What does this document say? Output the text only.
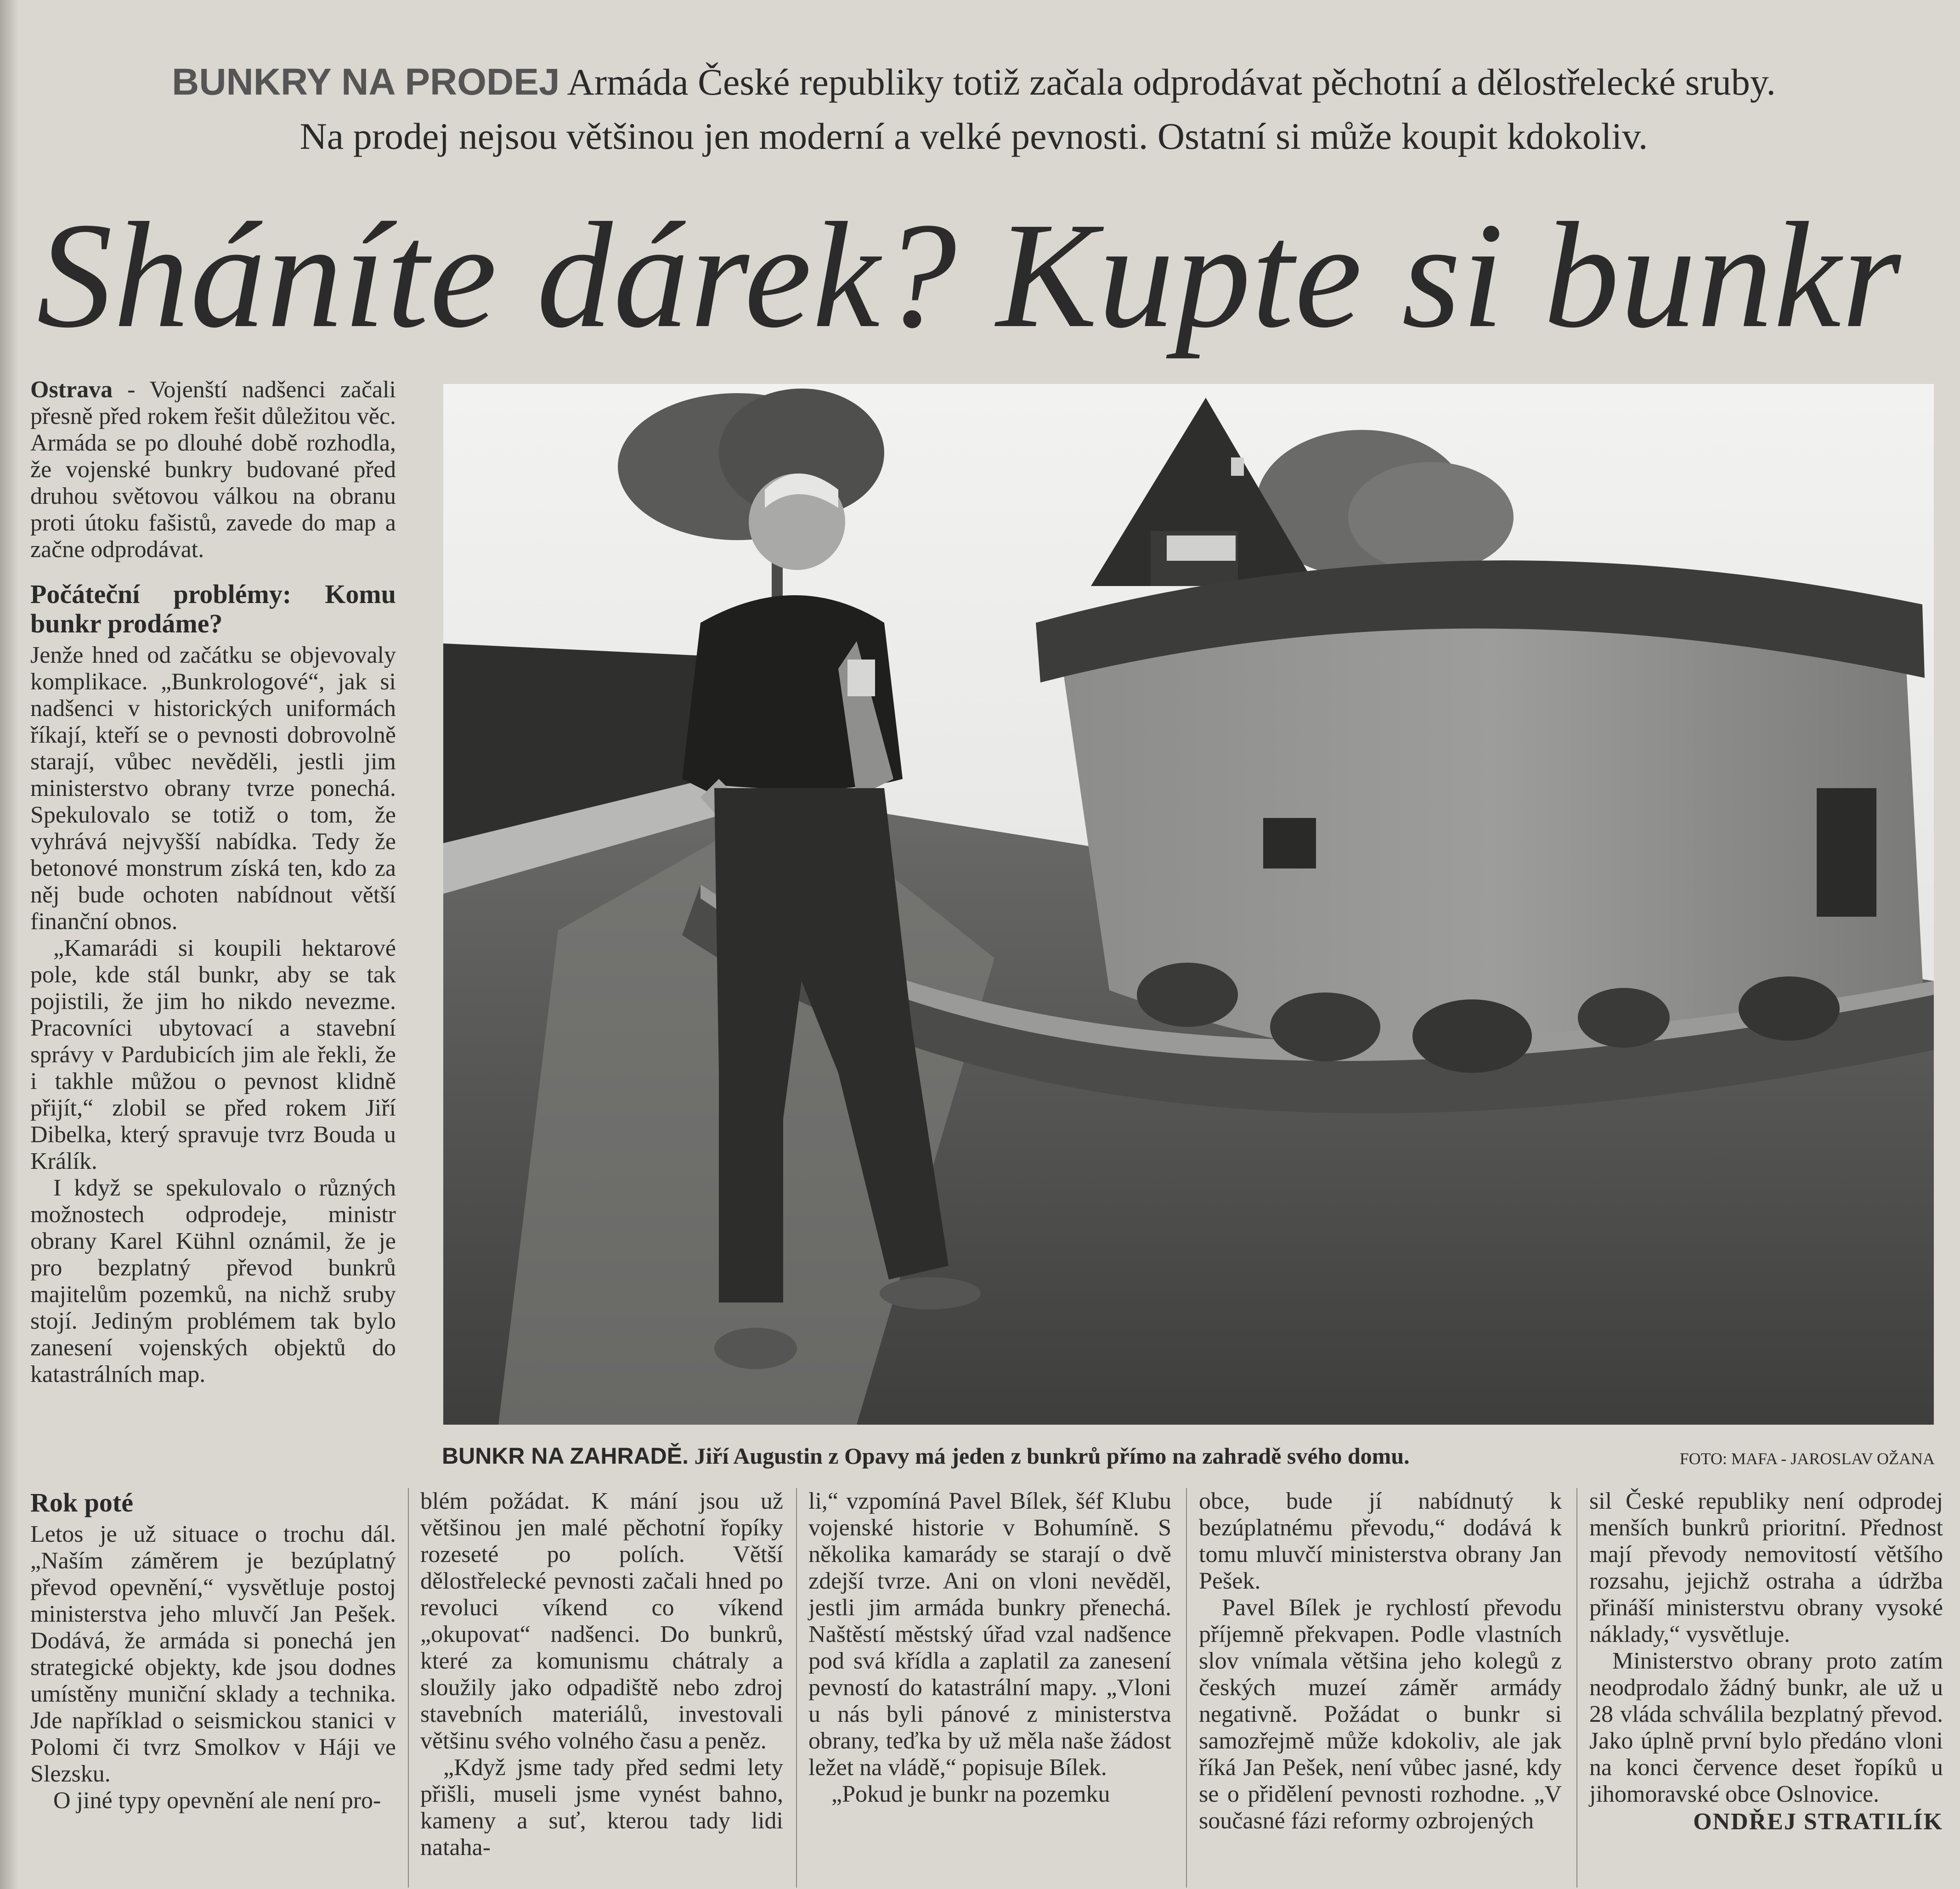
BUNKRY NA PRODEJ Armáda České republiky totiž začala odprodávat pěchotní a dělostřelecké sruby.
Na prodej nejsou většinou jen moderní a velké pevnosti. Ostatní si může koupit kdokoliv.
Sháníte dárek? Kupte si bunkr

Ostrava - Vojenští nadšenci začali přesně před rokem řešit důležitou věc. Armáda se po dlouhé době rozhodla, že vojenské bunkry budované před druhou světovou válkou na obranu proti útoku fašistů, zavede do map a začne odprodávat.

Počáteční problémy: Komu bunkr prodáme?

Jenže hned od začátku se objevovaly komplikace. „Bunkrologové“, jak si nadšenci v historických uniformách říkají, kteří se o pevnosti dobrovolně starají, vůbec nevěděli, jestli jim ministerstvo obrany tvrze ponechá. Spekulovalo se totiž o tom, že vyhrává nejvyšší nabídka. Tedy že betonové monstrum získá ten, kdo za něj bude ochoten nabídnout větší finanční obnos.

„Kamarádi si koupili hektarové pole, kde stál bunkr, aby se tak pojistili, že jim ho nikdo nevezme. Pracovníci ubytovací a stavební správy v Pardubicích jim ale řekli, že i takhle můžou o pevnost klidně přijít,“ zlobil se před rokem Jiří Dibelka, který spravuje tvrz Bouda u Králík.

I když se spekulovalo o různých možnostech odprodeje, ministr obrany Karel Kühnl oznámil, že je pro bezplatný převod bunkrů majitelům pozemků, na nichž sruby stojí. Jediným problémem tak bylo zanesení vojenských objektů do katastrálních map.

BUNKR NA ZAHRADĚ. Jiří Augustin z Opavy má jeden z bunkrů přímo na zahradě svého domu.	FOTO: MAFA - JAROSLAV OŽANA
Rok poté

Letos je už situace o trochu dál. „Naším záměrem je bezúplatný převod opevnění,“ vysvětluje postoj ministerstva jeho mluvčí Jan Pešek. Dodává, že armáda si ponechá jen strategické objekty, kde jsou dodnes umístěny muniční sklady a technika. Jde například o seismickou stanici v Polomi či tvrz Smolkov v Háji ve Slezsku.

O jiné typy opevnění ale není pro-

blém požádat. K mání jsou už většinou jen malé pěchotní řopíky rozeseté po polích. Větší dělostřelecké pevnosti začali hned po revoluci víkend co víkend „okupovat“ nadšenci. Do bunkrů, které za komunismu chátraly a sloužily jako odpadiště nebo zdroj stavebních materiálů, investovali většinu svého volného času a peněz.

„Když jsme tady před sedmi lety přišli, museli jsme vynést bahno, kameny a suť, kterou tady lidi nataha-

li,“ vzpomíná Pavel Bílek, šéf Klubu vojenské historie v Bohumíně. S několika kamarády se starají o dvě zdejší tvrze. Ani on vloni nevěděl, jestli jim armáda bunkry přenechá. Naštěstí městský úřad vzal nadšence pod svá křídla a zaplatil za zanesení pevností do katastrální mapy. „Vloni u nás byli pánové z ministerstva obrany, teďka by už měla naše žádost ležet na vládě,“ popisuje Bílek.

„Pokud je bunkr na pozemku

obce, bude jí nabídnutý k bezúplatnému převodu,“ dodává k tomu mluvčí ministerstva obrany Jan Pešek.

Pavel Bílek je rychlostí převodu příjemně překvapen. Podle vlastních slov vnímala většina jeho kolegů z českých muzeí záměr armády negativně. Požádat o bunkr si samozřejmě může kdokoliv, ale jak říká Jan Pešek, není vůbec jasné, kdy se o přidělení pevnosti rozhodne. „V současné fázi reformy ozbrojených

sil České republiky není odprodej menších bunkrů prioritní. Přednost mají převody nemovitostí většího rozsahu, jejichž ostraha a údržba přináší ministerstvu obrany vysoké náklady,“ vysvětluje.

Ministerstvo obrany proto zatím neodprodalo žádný bunkr, ale už u 28 vláda schválila bezplatný převod. Jako úplně první bylo předáno vloni na konci července deset řopíků u jihomoravské obce Oslnovice.

ONDŘEJ STRATILÍK
